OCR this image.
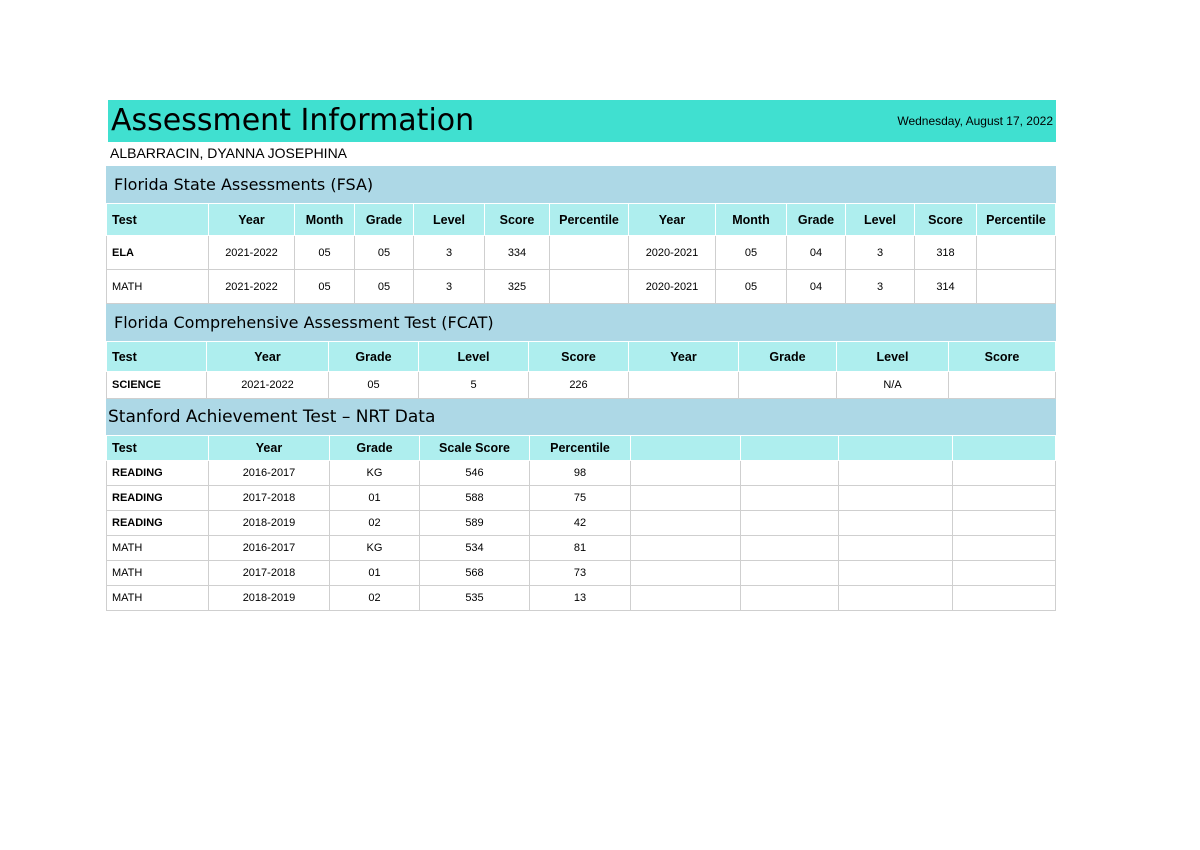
Assessment Information	Wednesday, August 17, 2022
ALBARRACIN, DYANNA JOSEPHINA
Florida State Assessments (FSA)
Test	Year	Month	Grade	Level	Score	Percentile	Year	Month	Grade	Level	Score	Percentile
ELA	2021-2022	05	05	3	334		2020-2021	05	04	3	318	
MATH	2021-2022	05	05	3	325		2020-2021	05	04	3	314	
Florida Comprehensive Assessment Test (FCAT)
Test	Year	Grade	Level	Score	Year	Grade	Level	Score
SCIENCE	2021-2022	05	5	226			N/A	
Stanford Achievement Test – NRT Data
Test	Year	Grade	Scale Score	Percentile				
READING	2016-2017	KG	546	98				
READING	2017-2018	01	588	75				
READING	2018-2019	02	589	42				
MATH	2016-2017	KG	534	81				
MATH	2017-2018	01	568	73				
MATH	2018-2019	02	535	13				
